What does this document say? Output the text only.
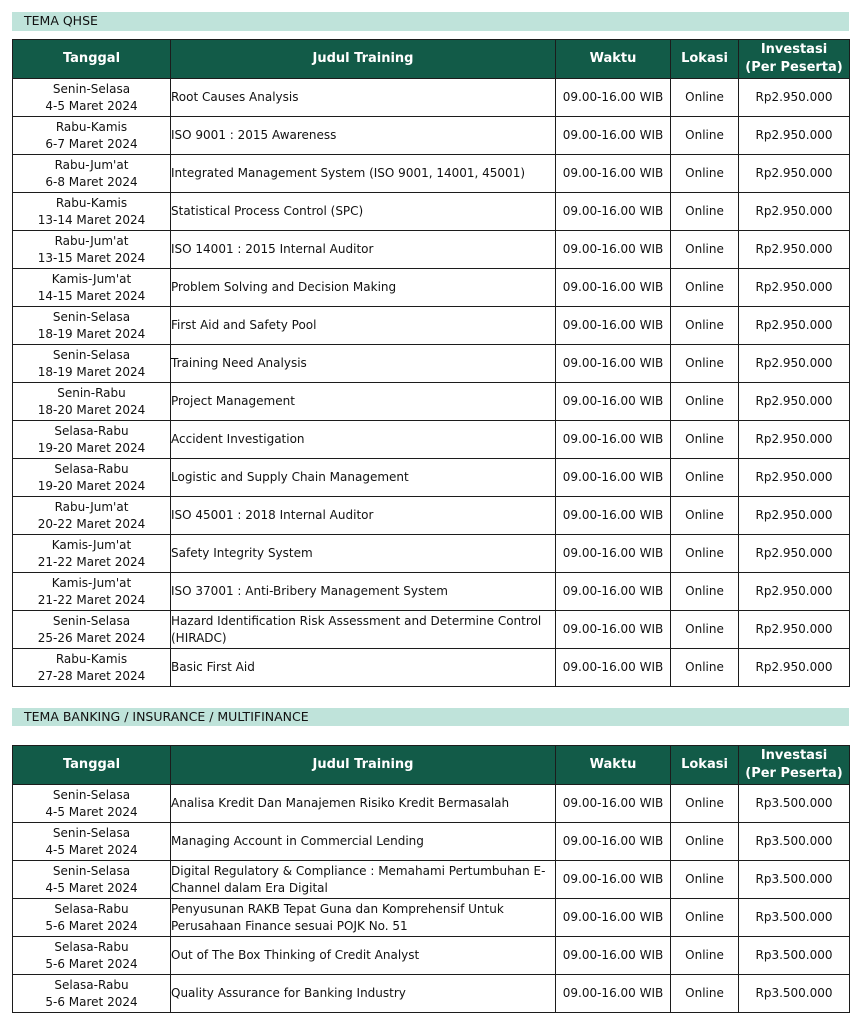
TEMA QHSE
Tanggal	Judul Training	Waktu	Lokasi	Investasi
(Per Peserta)

Senin-Selasa
4-5 Maret 2024	Root Causes Analysis	09.00-16.00 WIB	Online	Rp2.950.000

Rabu-Kamis
6-7 Maret 2024	ISO 9001 : 2015 Awareness	09.00-16.00 WIB	Online	Rp2.950.000

Rabu-Jum'at
6-8 Maret 2024	Integrated Management System (ISO 9001, 14001, 45001)	09.00-16.00 WIB	Online	Rp2.950.000

Rabu-Kamis
13-14 Maret 2024	Statistical Process Control (SPC)	09.00-16.00 WIB	Online	Rp2.950.000

Rabu-Jum'at
13-15 Maret 2024	ISO 14001 : 2015 Internal Auditor	09.00-16.00 WIB	Online	Rp2.950.000

Kamis-Jum'at
14-15 Maret 2024	Problem Solving and Decision Making	09.00-16.00 WIB	Online	Rp2.950.000

Senin-Selasa
18-19 Maret 2024	First Aid and Safety Pool	09.00-16.00 WIB	Online	Rp2.950.000

Senin-Selasa
18-19 Maret 2024	Training Need Analysis	09.00-16.00 WIB	Online	Rp2.950.000

Senin-Rabu
18-20 Maret 2024	Project Management	09.00-16.00 WIB	Online	Rp2.950.000

Selasa-Rabu
19-20 Maret 2024	Accident Investigation	09.00-16.00 WIB	Online	Rp2.950.000

Selasa-Rabu
19-20 Maret 2024	Logistic and Supply Chain Management	09.00-16.00 WIB	Online	Rp2.950.000

Rabu-Jum'at
20-22 Maret 2024	ISO 45001 : 2018 Internal Auditor	09.00-16.00 WIB	Online	Rp2.950.000

Kamis-Jum'at
21-22 Maret 2024	Safety Integrity System	09.00-16.00 WIB	Online	Rp2.950.000

Kamis-Jum'at
21-22 Maret 2024	ISO 37001 : Anti-Bribery Management System	09.00-16.00 WIB	Online	Rp2.950.000

Senin-Selasa
25-26 Maret 2024	Hazard Identification Risk Assessment and Determine Control (HIRADC)	09.00-16.00 WIB	Online	Rp2.950.000

Rabu-Kamis
27-28 Maret 2024	Basic First Aid	09.00-16.00 WIB	Online	Rp2.950.000
TEMA BANKING / INSURANCE / MULTIFINANCE
Tanggal	Judul Training	Waktu	Lokasi	Investasi
(Per Peserta)

Senin-Selasa
4-5 Maret 2024	Analisa Kredit Dan Manajemen Risiko Kredit Bermasalah	09.00-16.00 WIB	Online	Rp3.500.000

Senin-Selasa
4-5 Maret 2024	Managing Account in Commercial Lending	09.00-16.00 WIB	Online	Rp3.500.000

Senin-Selasa
4-5 Maret 2024	Digital Regulatory & Compliance : Memahami Pertumbuhan E-Channel dalam Era Digital	09.00-16.00 WIB	Online	Rp3.500.000

Selasa-Rabu
5-6 Maret 2024	Penyusunan RAKB Tepat Guna dan Komprehensif Untuk Perusahaan Finance sesuai POJK No. 51	09.00-16.00 WIB	Online	Rp3.500.000

Selasa-Rabu
5-6 Maret 2024	Out of The Box Thinking of Credit Analyst	09.00-16.00 WIB	Online	Rp3.500.000

Selasa-Rabu
5-6 Maret 2024	Quality Assurance for Banking Industry	09.00-16.00 WIB	Online	Rp3.500.000
